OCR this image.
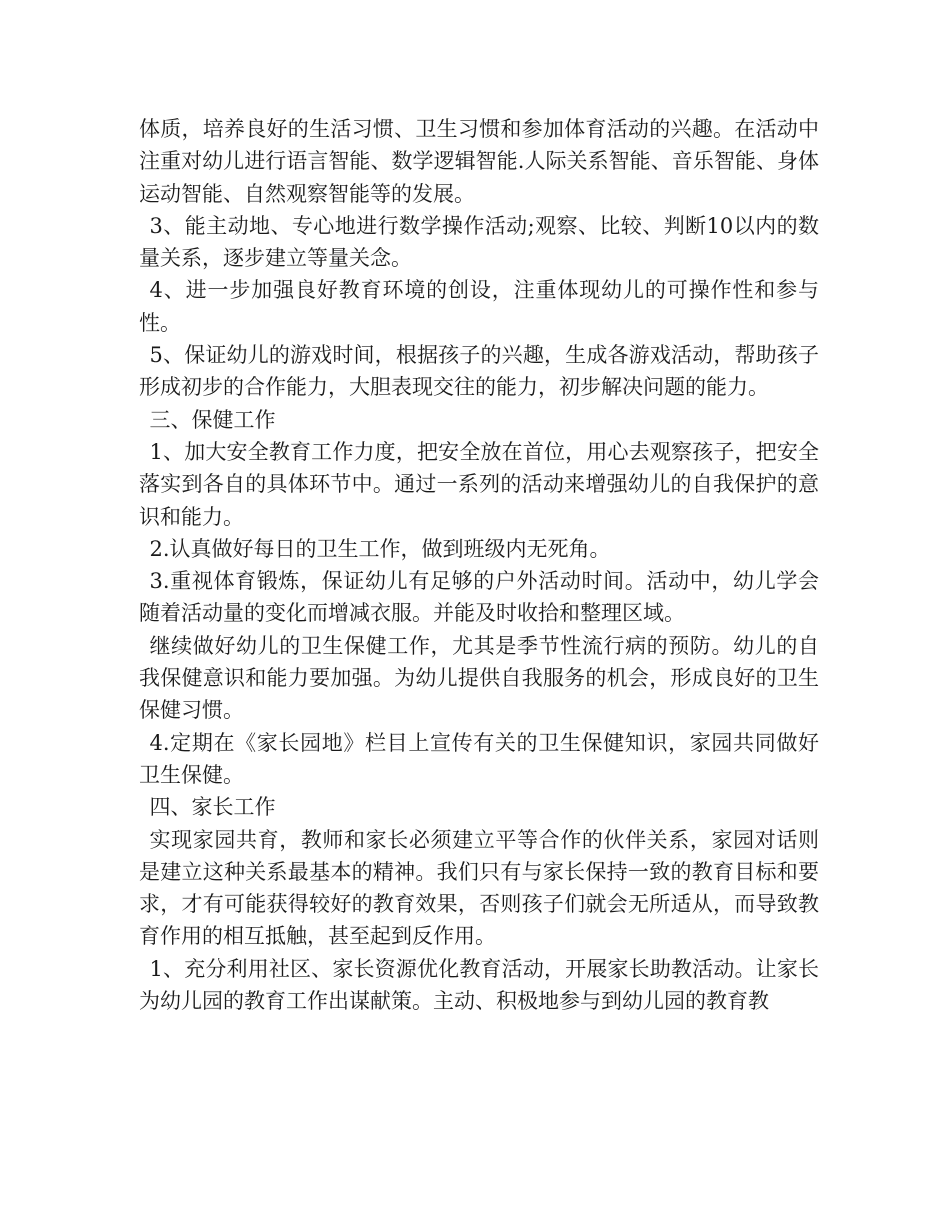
体质，培养良好的生活习惯、卫生习惯和参加体育活动的兴趣。在活动中注重对幼儿进行语言智能、数学逻辑智能.人际关系智能、音乐智能、身体运动智能、自然观察智能等的发展。

3、能主动地、专心地进行数学操作活动;观察、比较、判断10以内的数量关系，逐步建立等量关念。

4、进一步加强良好教育环境的创设，注重体现幼儿的可操作性和参与性。

5、保证幼儿的游戏时间，根据孩子的兴趣，生成各游戏活动，帮助孩子形成初步的合作能力，大胆表现交往的能力，初步解决问题的能力。

三、保健工作

1、加大安全教育工作力度，把安全放在首位，用心去观察孩子，把安全落实到各自的具体环节中。通过一系列的活动来增强幼儿的自我保护的意识和能力。

2.认真做好每日的卫生工作，做到班级内无死角。

3.重视体育锻炼，保证幼儿有足够的户外活动时间。活动中，幼儿学会随着活动量的变化而增减衣服。并能及时收拾和整理区域。

继续做好幼儿的卫生保健工作，尤其是季节性流行病的预防。幼儿的自我保健意识和能力要加强。为幼儿提供自我服务的机会，形成良好的卫生保健习惯。

4.定期在《家长园地》栏目上宣传有关的卫生保健知识，家园共同做好卫生保健。

四、家长工作

实现家园共育，教师和家长必须建立平等合作的伙伴关系，家园对话则是建立这种关系最基本的精神。我们只有与家长保持一致的教育目标和要求，才有可能获得较好的教育效果，否则孩子们就会无所适从，而导致教育作用的相互抵触，甚至起到反作用。

1、充分利用社区、家长资源优化教育活动，开展家长助教活动。让家长为幼儿园的教育工作出谋献策。主动、积极地参与到幼儿园的教育教
